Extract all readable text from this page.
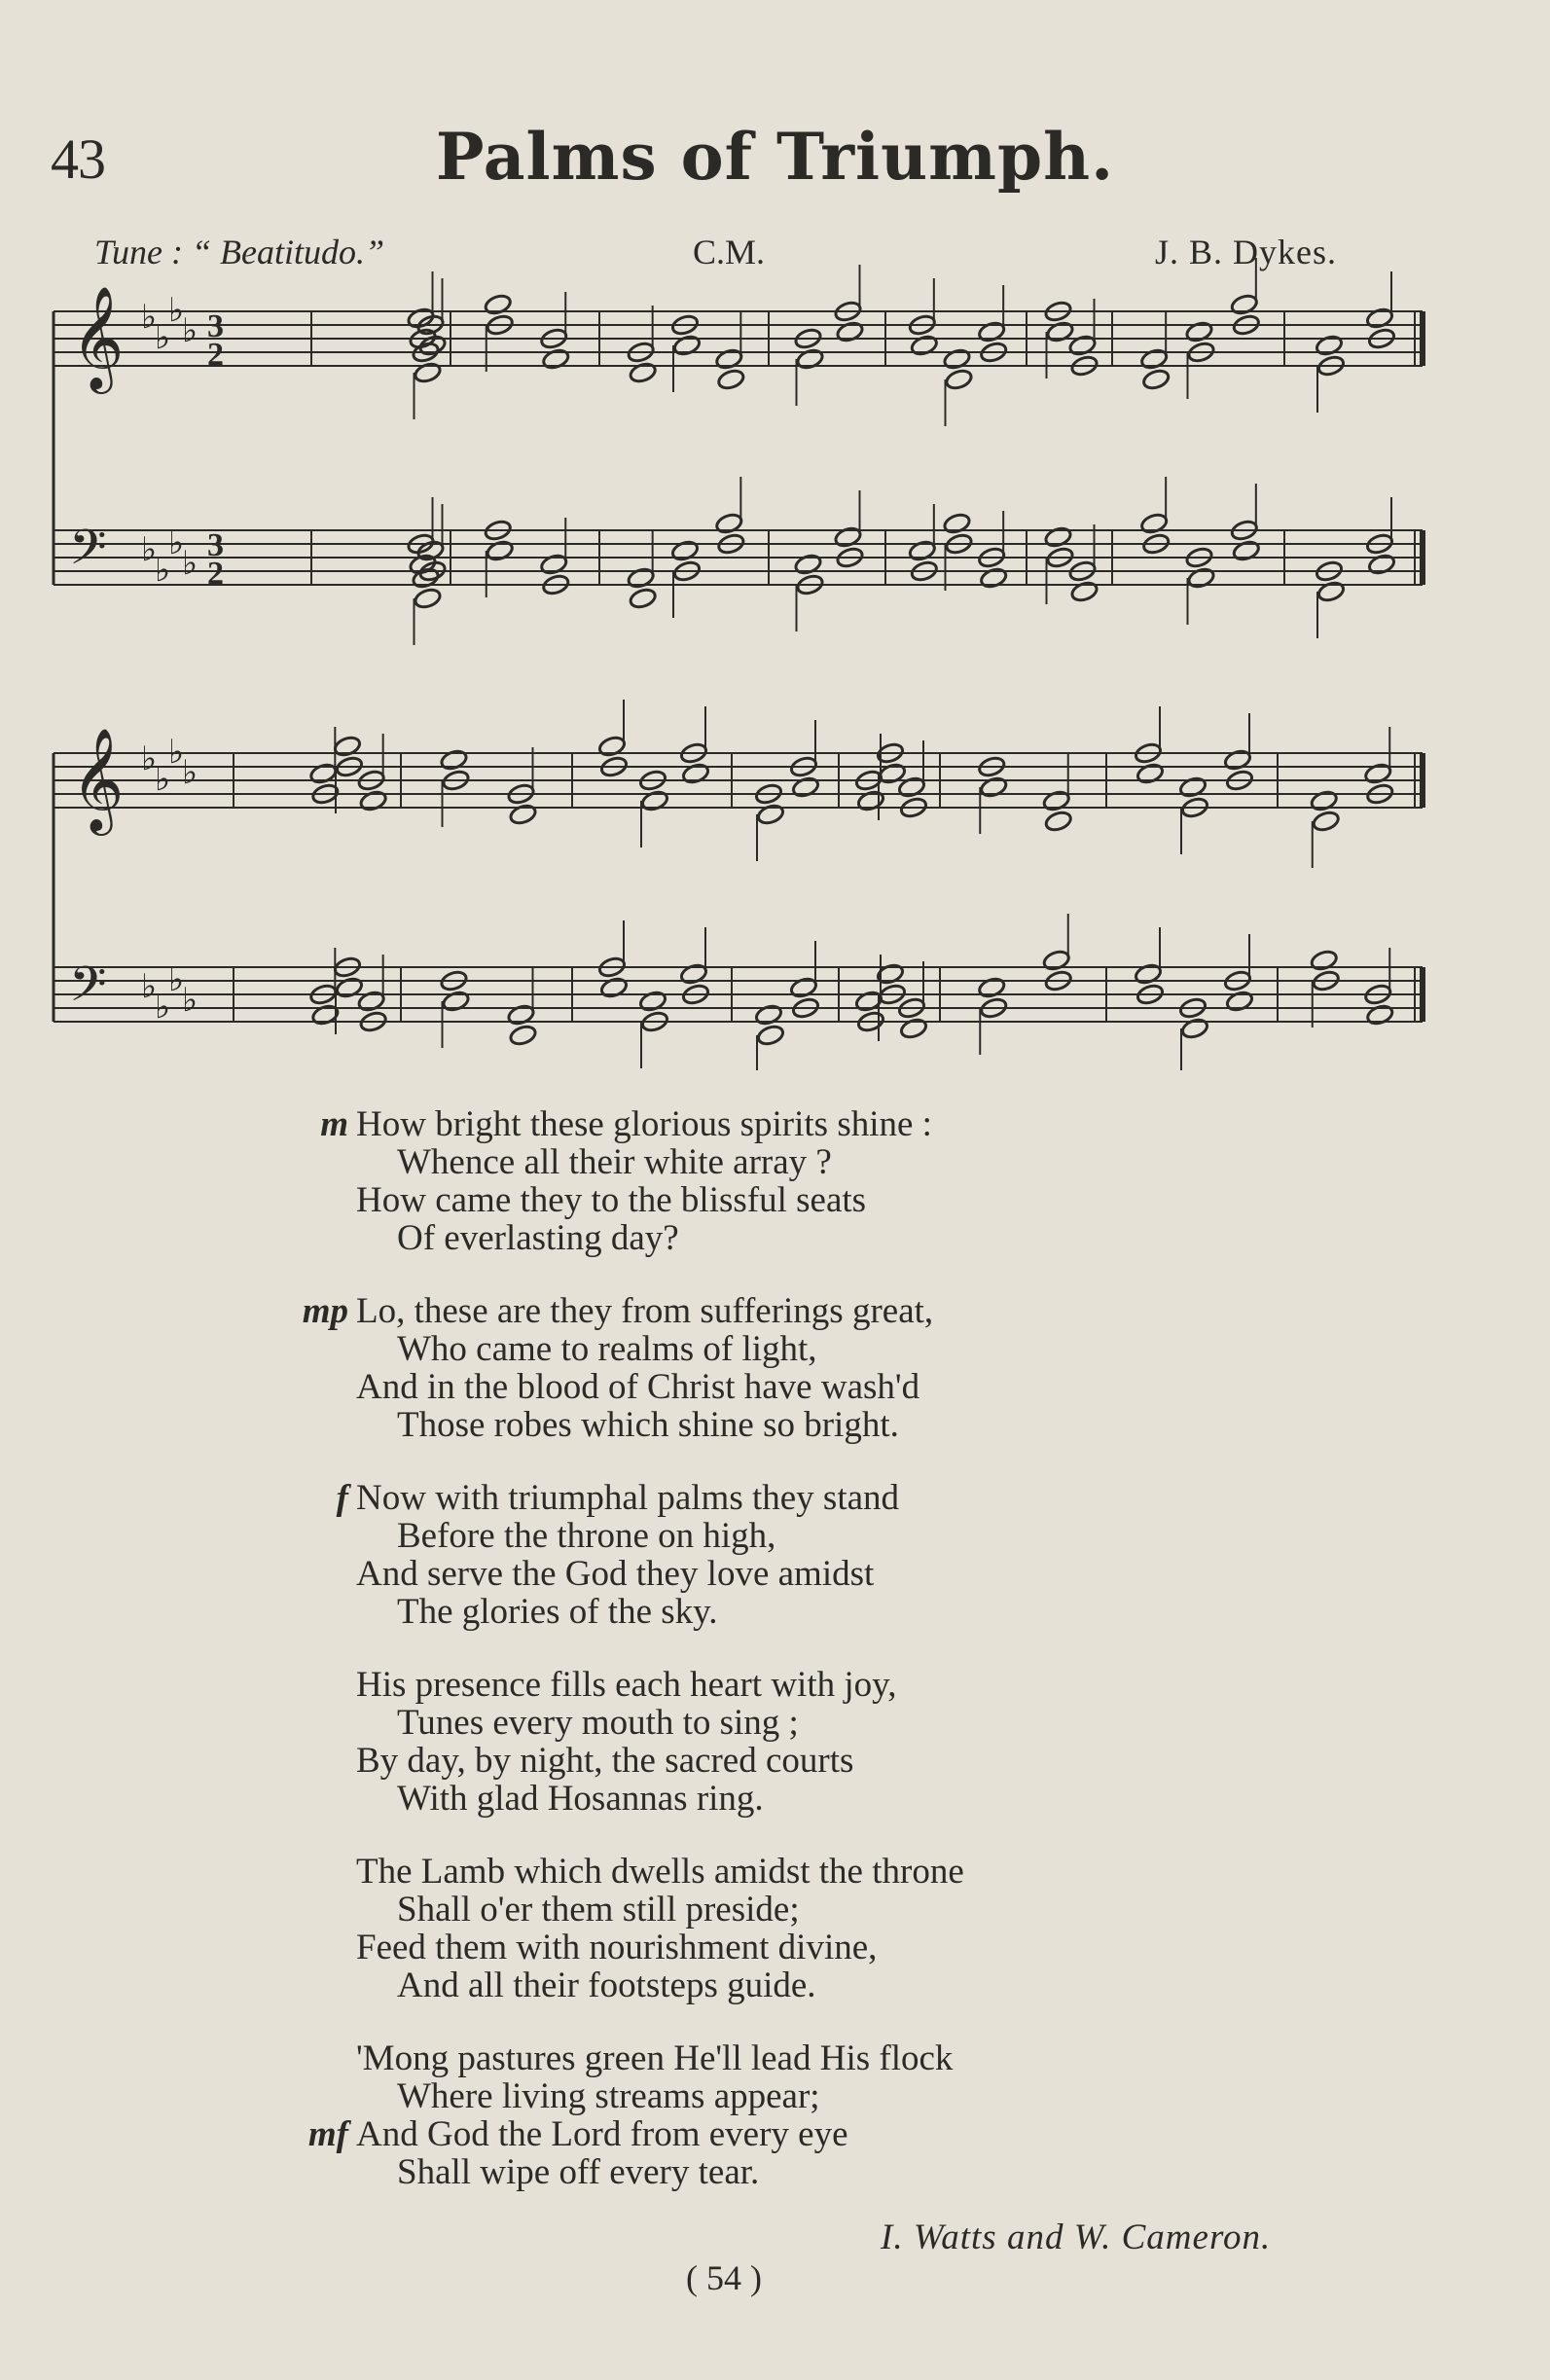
43	Palms of Triumph.
Tune : “ Beatitudo.”	C.M.	J. B. Dykes.
𝄞 ♭
♭
♭
♭ 3
2
𝄢 ♭
♭
♭
♭ 3
2
𝄞 ♭
♭
♭
♭
𝄢 ♭
♭
♭
♭
How bright these glorious spirits shine :
m
Whence all their white array ?
How came they to the blissful seats
Of everlasting day?
Lo, these are they from sufferings great,
mp
Who came to realms of light,
And in the blood of Christ have wash'd
Those robes which shine so bright.
Now with triumphal palms they stand
f
Before the throne on high,
And serve the God they love amidst
The glories of the sky.
His presence fills each heart with joy,
Tunes every mouth to sing ;
By day, by night, the sacred courts
With glad Hosannas ring.
The Lamb which dwells amidst the throne
Shall o'er them still preside;
Feed them with nourishment divine,
And all their footsteps guide.
'Mong pastures green He'll lead His flock
Where living streams appear;
And God the Lord from every eye
mf
Shall wipe off every tear.
I. Watts and W. Cameron.
( 54 )
